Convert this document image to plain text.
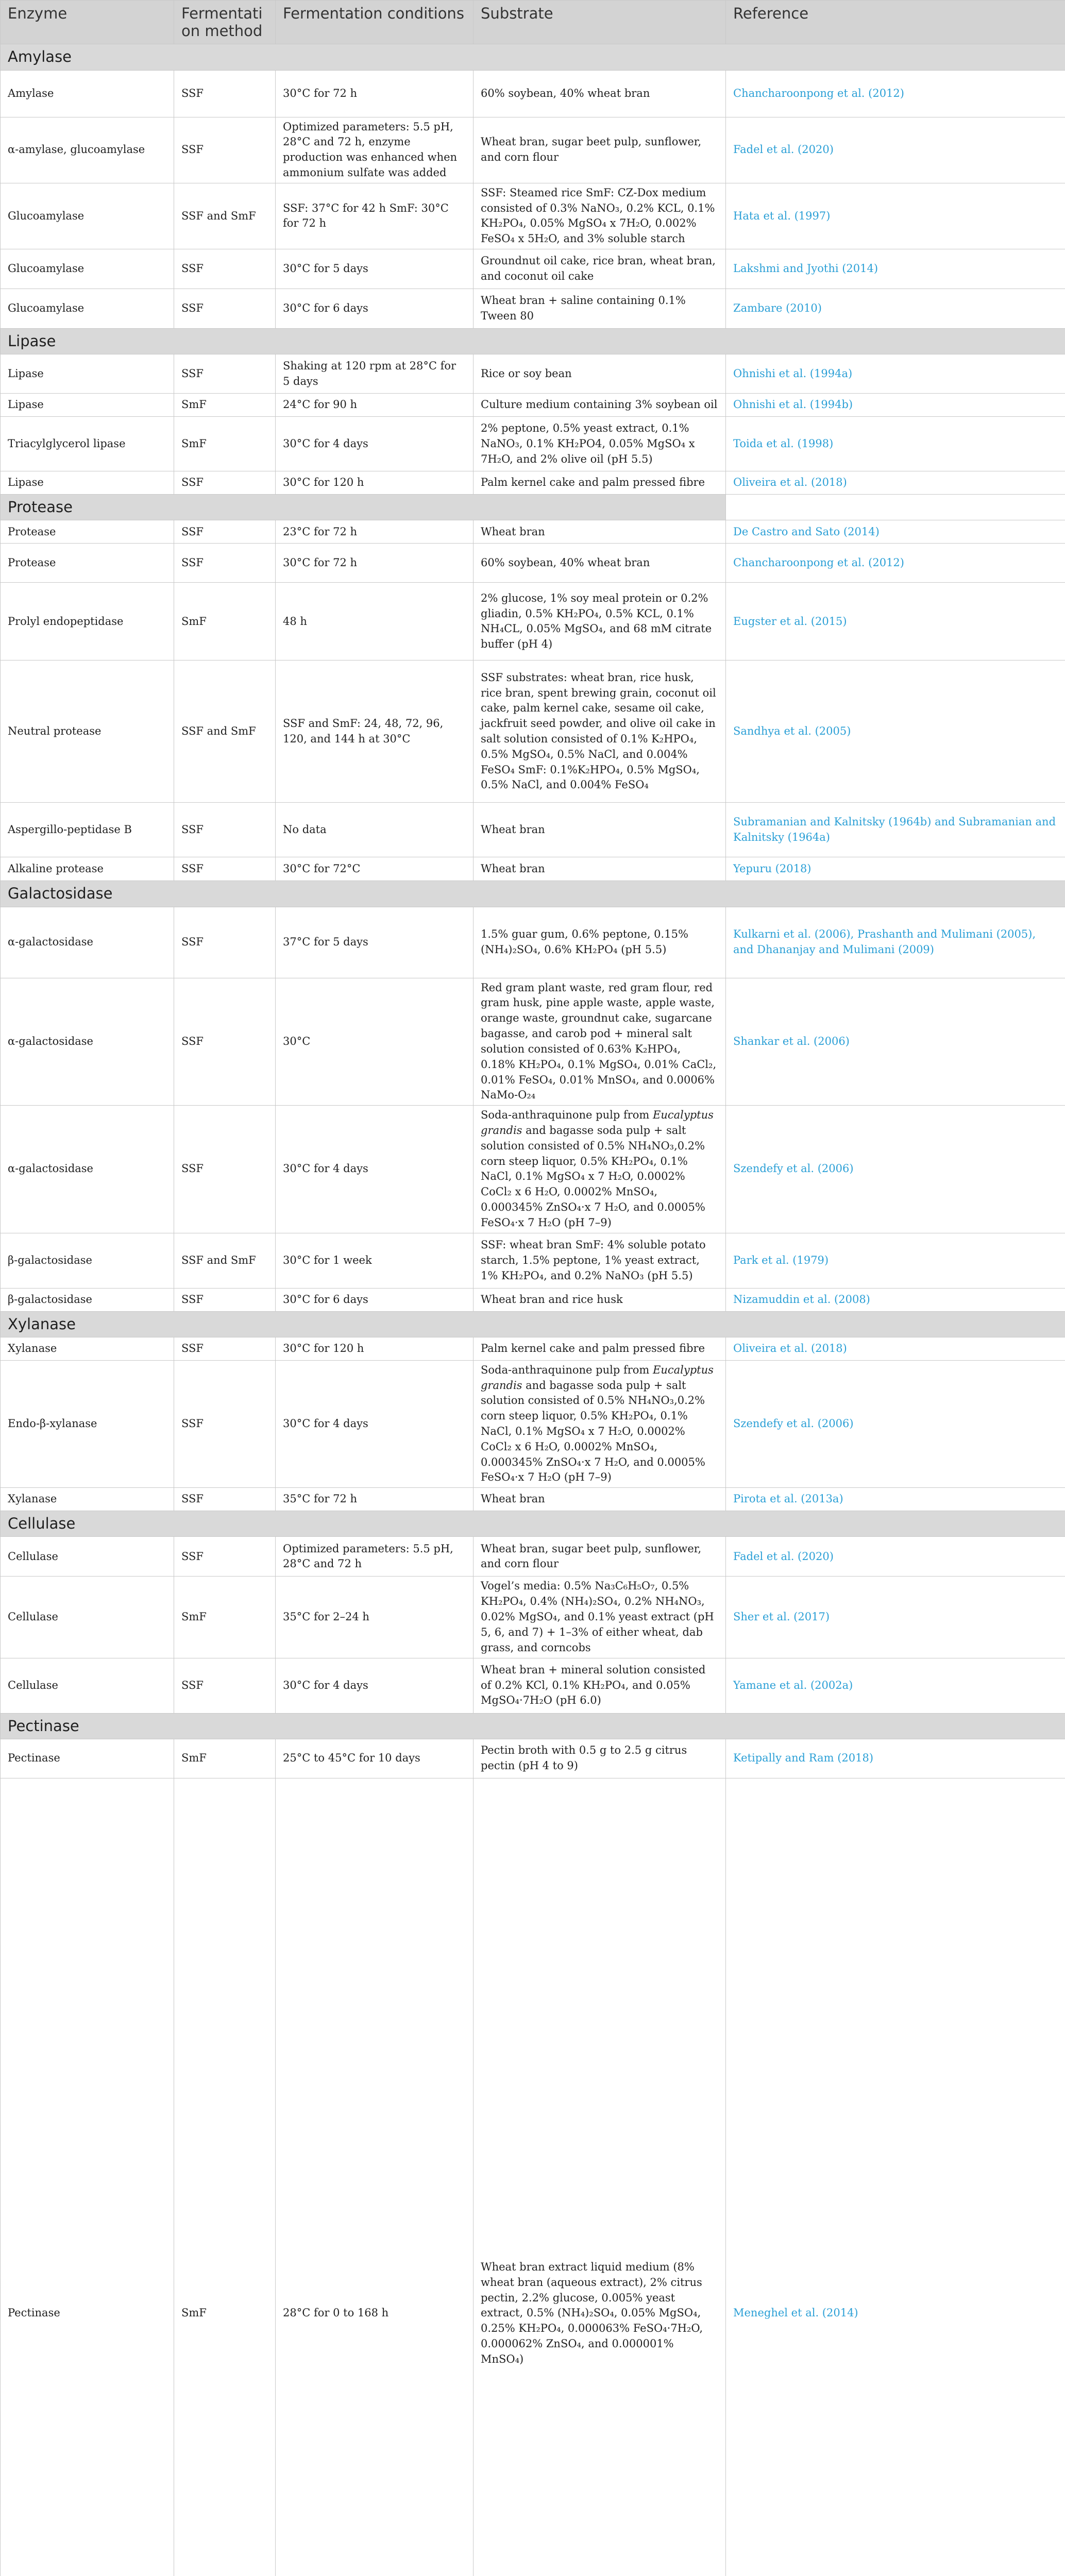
Enzyme	Fermentation method	Fermentation conditions	Substrate	Reference
Amylase				
Amylase	SSF	30°C for 72 h	60% soybean, 40% wheat bran	Chancharoonpong et al. (2012)
α-amylase, glucoamylase	SSF	Optimized parameters: 5.5 pH, 28°C and 72 h, enzyme production was enhanced when ammonium sulfate was added	Wheat bran, sugar beet pulp, sunflower, and corn flour	Fadel et al. (2020)
Glucoamylase	SSF and SmF	SSF: 37°C for 42 h SmF: 30°C for 72 h	SSF: Steamed rice SmF: CZ-Dox medium consisted of 0.3% NaNO₃, 0.2% KCL, 0.1% KH₂PO₄, 0.05% MgSO₄ x 7H₂O, 0.002% FeSO₄ x 5H₂O, and 3% soluble starch	Hata et al. (1997)
Glucoamylase	SSF	30°C for 5 days	Groundnut oil cake, rice bran, wheat bran, and coconut oil cake	Lakshmi and Jyothi (2014)
Glucoamylase	SSF	30°C for 6 days	Wheat bran + saline containing 0.1% Tween 80	Zambare (2010)
Lipase				
Lipase	SSF	Shaking at 120 rpm at 28°C for 5 days	Rice or soy bean	Ohnishi et al. (1994a)
Lipase	SmF	24°C for 90 h	Culture medium containing 3% soybean oil	Ohnishi et al. (1994b)
Triacylglycerol lipase	SmF	30°C for 4 days	2% peptone, 0.5% yeast extract, 0.1% NaNO₃, 0.1% KH₂PO4, 0.05% MgSO₄ x 7H₂O, and 2% olive oil (pH 5.5)	Toida et al. (1998)
Lipase	SSF	30°C for 120 h	Palm kernel cake and palm pressed fibre	Oliveira et al. (2018)
Protease				
Protease	SSF	23°C for 72 h	Wheat bran	De Castro and Sato (2014)
Protease	SSF	30°C for 72 h	60% soybean, 40% wheat bran	Chancharoonpong et al. (2012)
Prolyl endopeptidase	SmF	48 h	2% glucose, 1% soy meal protein or 0.2% gliadin, 0.5% KH₂PO₄, 0.5% KCL, 0.1% NH₄CL, 0.05% MgSO₄, and 68 mM citrate buffer (pH 4)	Eugster et al. (2015)
Neutral protease	SSF and SmF	SSF and SmF: 24, 48, 72, 96, 120, and 144 h at 30°C	SSF substrates: wheat bran, rice husk, rice bran, spent brewing grain, coconut oil cake, palm kernel cake, sesame oil cake, jackfruit seed powder, and olive oil cake in salt solution consisted of 0.1% K₂HPO₄, 0.5% MgSO₄, 0.5% NaCl, and 0.004% FeSO₄ SmF: 0.1%K₂HPO₄, 0.5% MgSO₄, 0.5% NaCl, and 0.004% FeSO₄	Sandhya et al. (2005)
Aspergillo-peptidase B	SSF	No data	Wheat bran	Subramanian and Kalnitsky (1964b) and Subramanian and Kalnitsky (1964a)
Alkaline protease	SSF	30°C for 72°C	Wheat bran	Yepuru (2018)
Galactosidase				
α-galactosidase	SSF	37°C for 5 days	1.5% guar gum, 0.6% peptone, 0.15% (NH₄)₂SO₄, 0.6% KH₂PO₄ (pH 5.5)	Kulkarni et al. (2006), Prashanth and Mulimani (2005), and Dhananjay and Mulimani (2009)
α-galactosidase	SSF	30°C	Red gram plant waste, red gram flour, red gram husk, pine apple waste, apple waste, orange waste, groundnut cake, sugarcane bagasse, and carob pod + mineral salt solution consisted of 0.63% K₂HPO₄, 0.18% KH₂PO₄, 0.1% MgSO₄, 0.01% CaCl₂, 0.01% FeSO₄, 0.01% MnSO₄, and 0.0006% NaMo-O₂₄	Shankar et al. (2006)
α-galactosidase	SSF	30°C for 4 days	Soda-anthraquinone pulp from Eucalyptus grandis and bagasse soda pulp + salt solution consisted of 0.5% NH₄NO₃,0.2% corn steep liquor, 0.5% KH₂PO₄, 0.1% NaCl, 0.1% MgSO₄ x 7 H₂O, 0.0002% CoCl₂ x 6 H₂O, 0.0002% MnSO₄, 0.000345% ZnSO₄·x 7 H₂O, and 0.0005% FeSO₄·x 7 H₂O (pH 7–9)	Szendefy et al. (2006)
β-galactosidase	SSF and SmF	30°C for 1 week	SSF: wheat bran SmF: 4% soluble potato starch, 1.5% peptone, 1% yeast extract, 1% KH₂PO₄, and 0.2% NaNO₃ (pH 5.5)	Park et al. (1979)
β-galactosidase	SSF	30°C for 6 days	Wheat bran and rice husk	Nizamuddin et al. (2008)
Xylanase				
Xylanase	SSF	30°C for 120 h	Palm kernel cake and palm pressed fibre	Oliveira et al. (2018)
Endo-β-xylanase	SSF	30°C for 4 days	Soda-anthraquinone pulp from Eucalyptus grandis and bagasse soda pulp + salt solution consisted of 0.5% NH₄NO₃,0.2% corn steep liquor, 0.5% KH₂PO₄, 0.1% NaCl, 0.1% MgSO₄ x 7 H₂O, 0.0002% CoCl₂ x 6 H₂O, 0.0002% MnSO₄, 0.000345% ZnSO₄·x 7 H₂O, and 0.0005% FeSO₄·x 7 H₂O (pH 7–9)	Szendefy et al. (2006)
Xylanase	SSF	35°C for 72 h	Wheat bran	Pirota et al. (2013a)
Cellulase				
Cellulase	SSF	Optimized parameters: 5.5 pH, 28°C and 72 h	Wheat bran, sugar beet pulp, sunflower, and corn flour	Fadel et al. (2020)
Cellulase	SmF	35°C for 2–24 h	Vogel’s media: 0.5% Na₃C₆H₅O₇, 0.5% KH₂PO₄, 0.4% (NH₄)₂SO₄, 0.2% NH₄NO₃, 0.02% MgSO₄, and 0.1% yeast extract (pH 5, 6, and 7) + 1–3% of either wheat, dab grass, and corncobs	Sher et al. (2017)
Cellulase	SSF	30°C for 4 days	Wheat bran + mineral solution consisted of 0.2% KCl, 0.1% KH₂PO₄, and 0.05% MgSO₄·7H₂O (pH 6.0)	Yamane et al. (2002a)
Pectinase				
Pectinase	SmF	25°C to 45°C for 10 days	Pectin broth with 0.5 g to 2.5 g citrus pectin (pH 4 to 9)	Ketipally and Ram (2018)
Pectinase	SmF	28°C for 0 to 168 h	Wheat bran extract liquid medium (8% wheat bran (aqueous extract), 2% citrus pectin, 2.2% glucose, 0.005% yeast extract, 0.5% (NH₄)₂SO₄, 0.05% MgSO₄, 0.25% KH₂PO₄, 0.000063% FeSO₄·7H₂O, 0.000062% ZnSO₄, and 0.000001% MnSO₄)	Meneghel et al. (2014)
